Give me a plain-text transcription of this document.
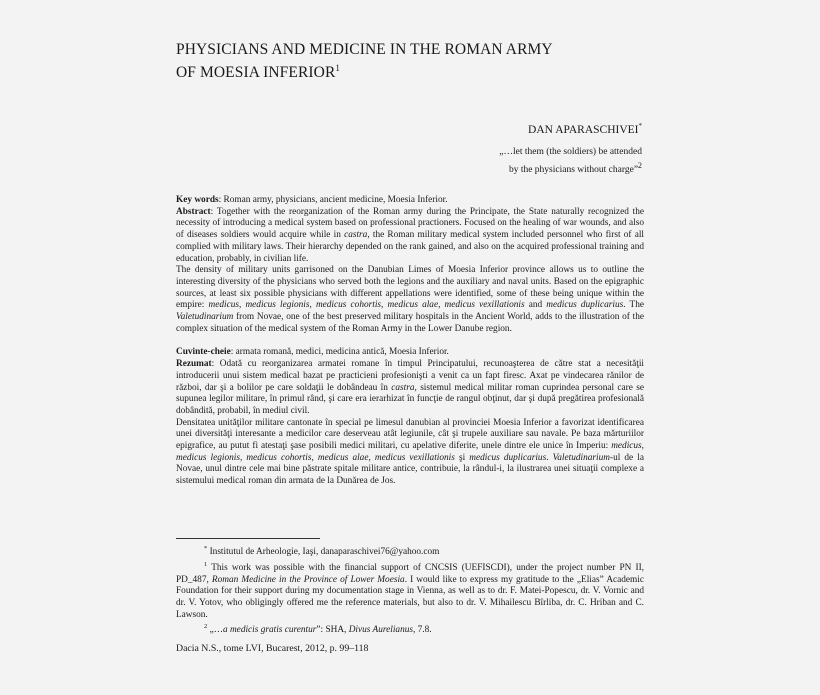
PHYSICIANS AND MEDICINE IN THE ROMAN ARMY
OF MOESIA INFERIOR$^1$
DAN APARASCHIVEI*
„…let them (the soldiers) be attended
by the physicians without charge”$^2$

Key words: Roman army, physicians, ancient medicine, Moesia Inferior.

Abstract: Together with the reorganization of the Roman army during the Principate, the State naturally recognized the necessity of introducing a medical system based on professional practioners. Focused on the healing of war wounds, and also of diseases soldiers would acquire while in castra, the Roman military medical system included personnel who first of all complied with military laws. Their hierarchy depended on the rank gained, and also on the acquired professional training and education, probably, in civilian life.

The density of military units garrisoned on the Danubian Limes of Moesia Inferior province allows us to outline the interesting diversity of the physicians who served both the legions and the auxiliary and naval units. Based on the epigraphic sources, at least six possible physicians with different appellations were identified, some of these being unique within the empire: medicus, medicus legionis, medicus cohortis, medicus alae, medicus vexillationis and medicus duplicarius. The Valetudinarium from Novae, one of the best preserved military hospitals in the Ancient World, adds to the illustration of the complex situation of the medical system of the Roman Army in the Lower Danube region.

Cuvinte-cheie: armata romană, medici, medicina antică, Moesia Inferior.

Rezumat: Odată cu reorganizarea armatei romane în timpul Principatului, recunoaşterea de către stat a necesităţii introducerii unui sistem medical bazat pe practicieni profesionişti a venit ca un fapt firesc. Axat pe vindecarea rănilor de război, dar şi a bolilor pe care soldaţii le dobândeau în castra, sistemul medical militar roman cuprindea personal care se supunea legilor militare, în primul rând, şi care era ierarhizat în funcţie de rangul obţinut, dar şi după pregătirea profesională dobândită, probabil, în mediul civil.

Densitatea unităţilor militare cantonate în special pe limesul danubian al provinciei Moesia Inferior a favorizat identificarea unei diversităţi interesante a medicilor care deserveau atât legiunile, cât şi trupele auxiliare sau navale. Pe baza mărturiilor epigrafice, au putut fi atestaţi şase posibili medici militari, cu apelative diferite, unele dintre ele unice în Imperiu: medicus, medicus legionis, medicus cohortis, medicus alae, medicus vexillationis şi medicus duplicarius. Valetudinarium-ul de la Novae, unul dintre cele mai bine păstrate spitale militare antice, contribuie, la rândul-i, la ilustrarea unei situaţii complexe a sistemului medical roman din armata de la Dunărea de Jos.

* Institutul de Arheologie, Iaşi, danaparaschivei76@yahoo.com

$^1$ This work was possible with the financial support of CNCSIS (UEFISCDI), under the project number PN II, PD_487, Roman Medicine in the Province of Lower Moesia. I would like to express my gratitude to the „Elias” Academic Foundation for their support during my documentation stage in Vienna, as well as to dr. F. Matei-Popescu, dr. V. Vornic and dr. V. Yotov, who obligingly offered me the reference materials, but also to dr. V. Mihailescu Bîrliba, dr. C. Hriban and C. Lawson.

$^2$ „…a medicis gratis curentur”: SHA, Divus Aurelianus, 7.8.

Dacia N.S., tome LVI, Bucarest, 2012, p. 99–118
